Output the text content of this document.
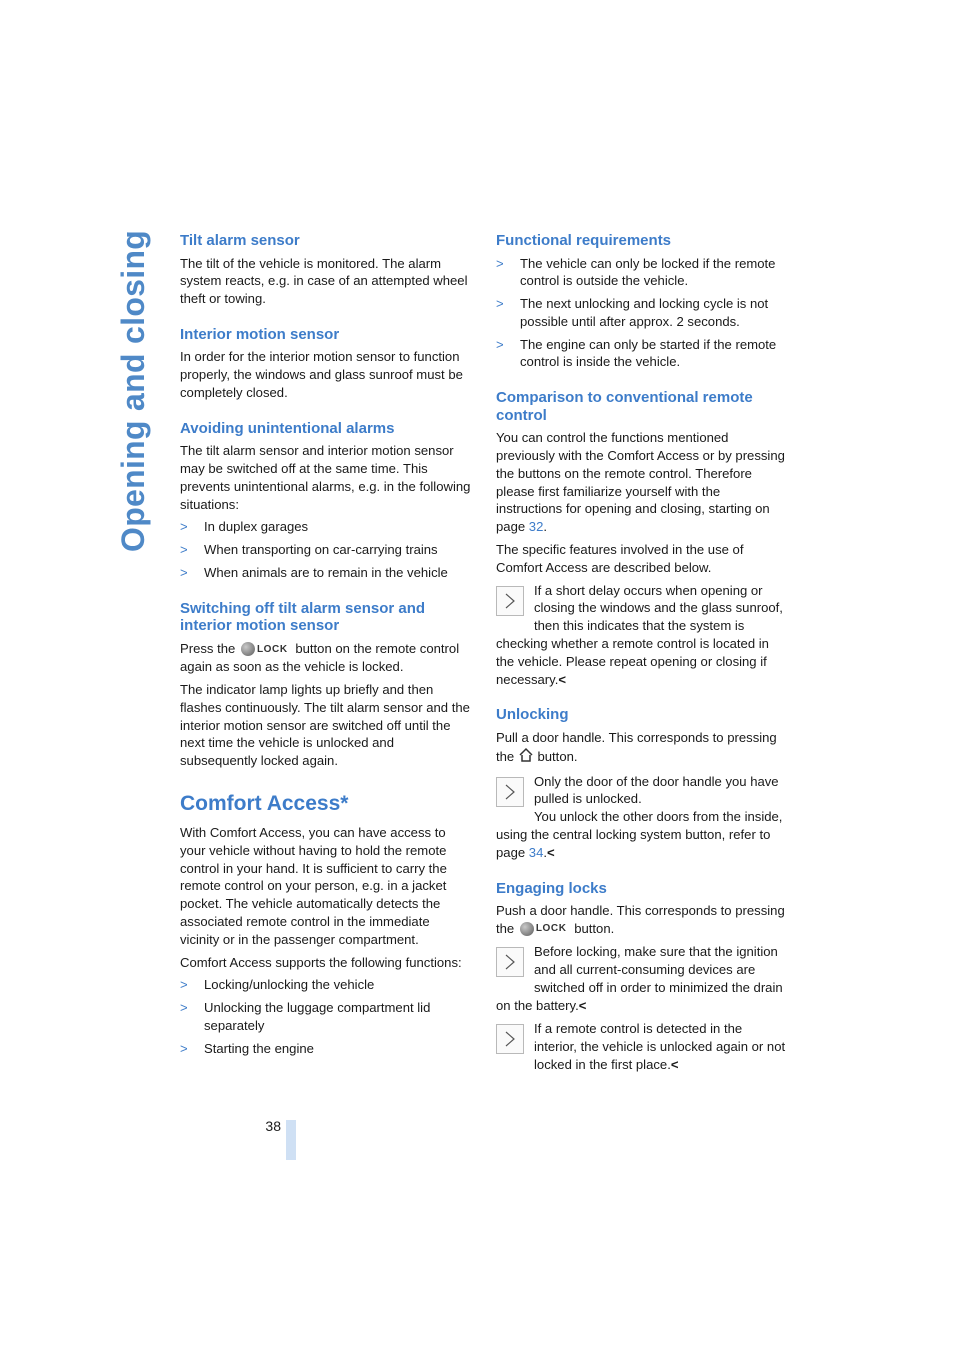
Opening and closing	Tilt alarm sensor

The tilt of the vehicle is monitored. The alarm system reacts, e.g. in case of an attempted wheel theft or towing.

Interior motion sensor

In order for the interior motion sensor to function properly, the windows and glass sunroof must be completely closed.

Avoiding unintentional alarms

The tilt alarm sensor and interior motion sensor may be switched off at the same time. This prevents unintentional alarms, e.g. in the following situations:

> In duplex garages
> When transporting on car-carrying trains
> When animals are to remain in the vehicle
Switching off tilt alarm sensor and interior motion sensor

Press the LOCK button on the remote control again as soon as the vehicle is locked.

The indicator lamp lights up briefly and then flashes continuously. The tilt alarm sensor and the interior motion sensor are switched off until the next time the vehicle is unlocked and subsequently locked again.

Comfort Access*

With Comfort Access, you can have access to your vehicle without having to hold the remote control in your hand. It is sufficient to carry the remote control on your person, e.g. in a jacket pocket. The vehicle automatically detects the associated remote control in the immediate vicinity or in the passenger compartment.

Comfort Access supports the following functions:

> Locking/unlocking the vehicle
> Unlocking the luggage compartment lid separately
> Starting the engine
Functional requirements
> The vehicle can only be locked if the remote control is outside the vehicle.
> The next unlocking and locking cycle is not possible until after approx. 2 seconds.
> The engine can only be started if the remote control is inside the vehicle.
Comparison to conventional remote control

You can control the functions mentioned previously with the Comfort Access or by pressing the buttons on the remote control. Therefore please first familiarize yourself with the instructions for opening and closing, starting on page 32.

The specific features involved in the use of Comfort Access are described below.

If a short delay occurs when opening or closing the windows and the glass sunroof, then this indicates that the system is checking whether a remote control is located in the vehicle. Please repeat opening or closing if necessary.<
Unlocking

Pull a door handle. This corresponds to pressing the button.

Only the door of the door handle you have pulled is unlocked.
You unlock the other doors from the inside, using the central locking system button, refer to page 34.<
Engaging locks

Push a door handle. This corresponds to pressing the LOCK button.

Before locking, make sure that the ignition and all current-consuming devices are switched off in order to minimized the drain on the battery.<
If a remote control is detected in the interior, the vehicle is unlocked again or not locked in the first place.<
38
